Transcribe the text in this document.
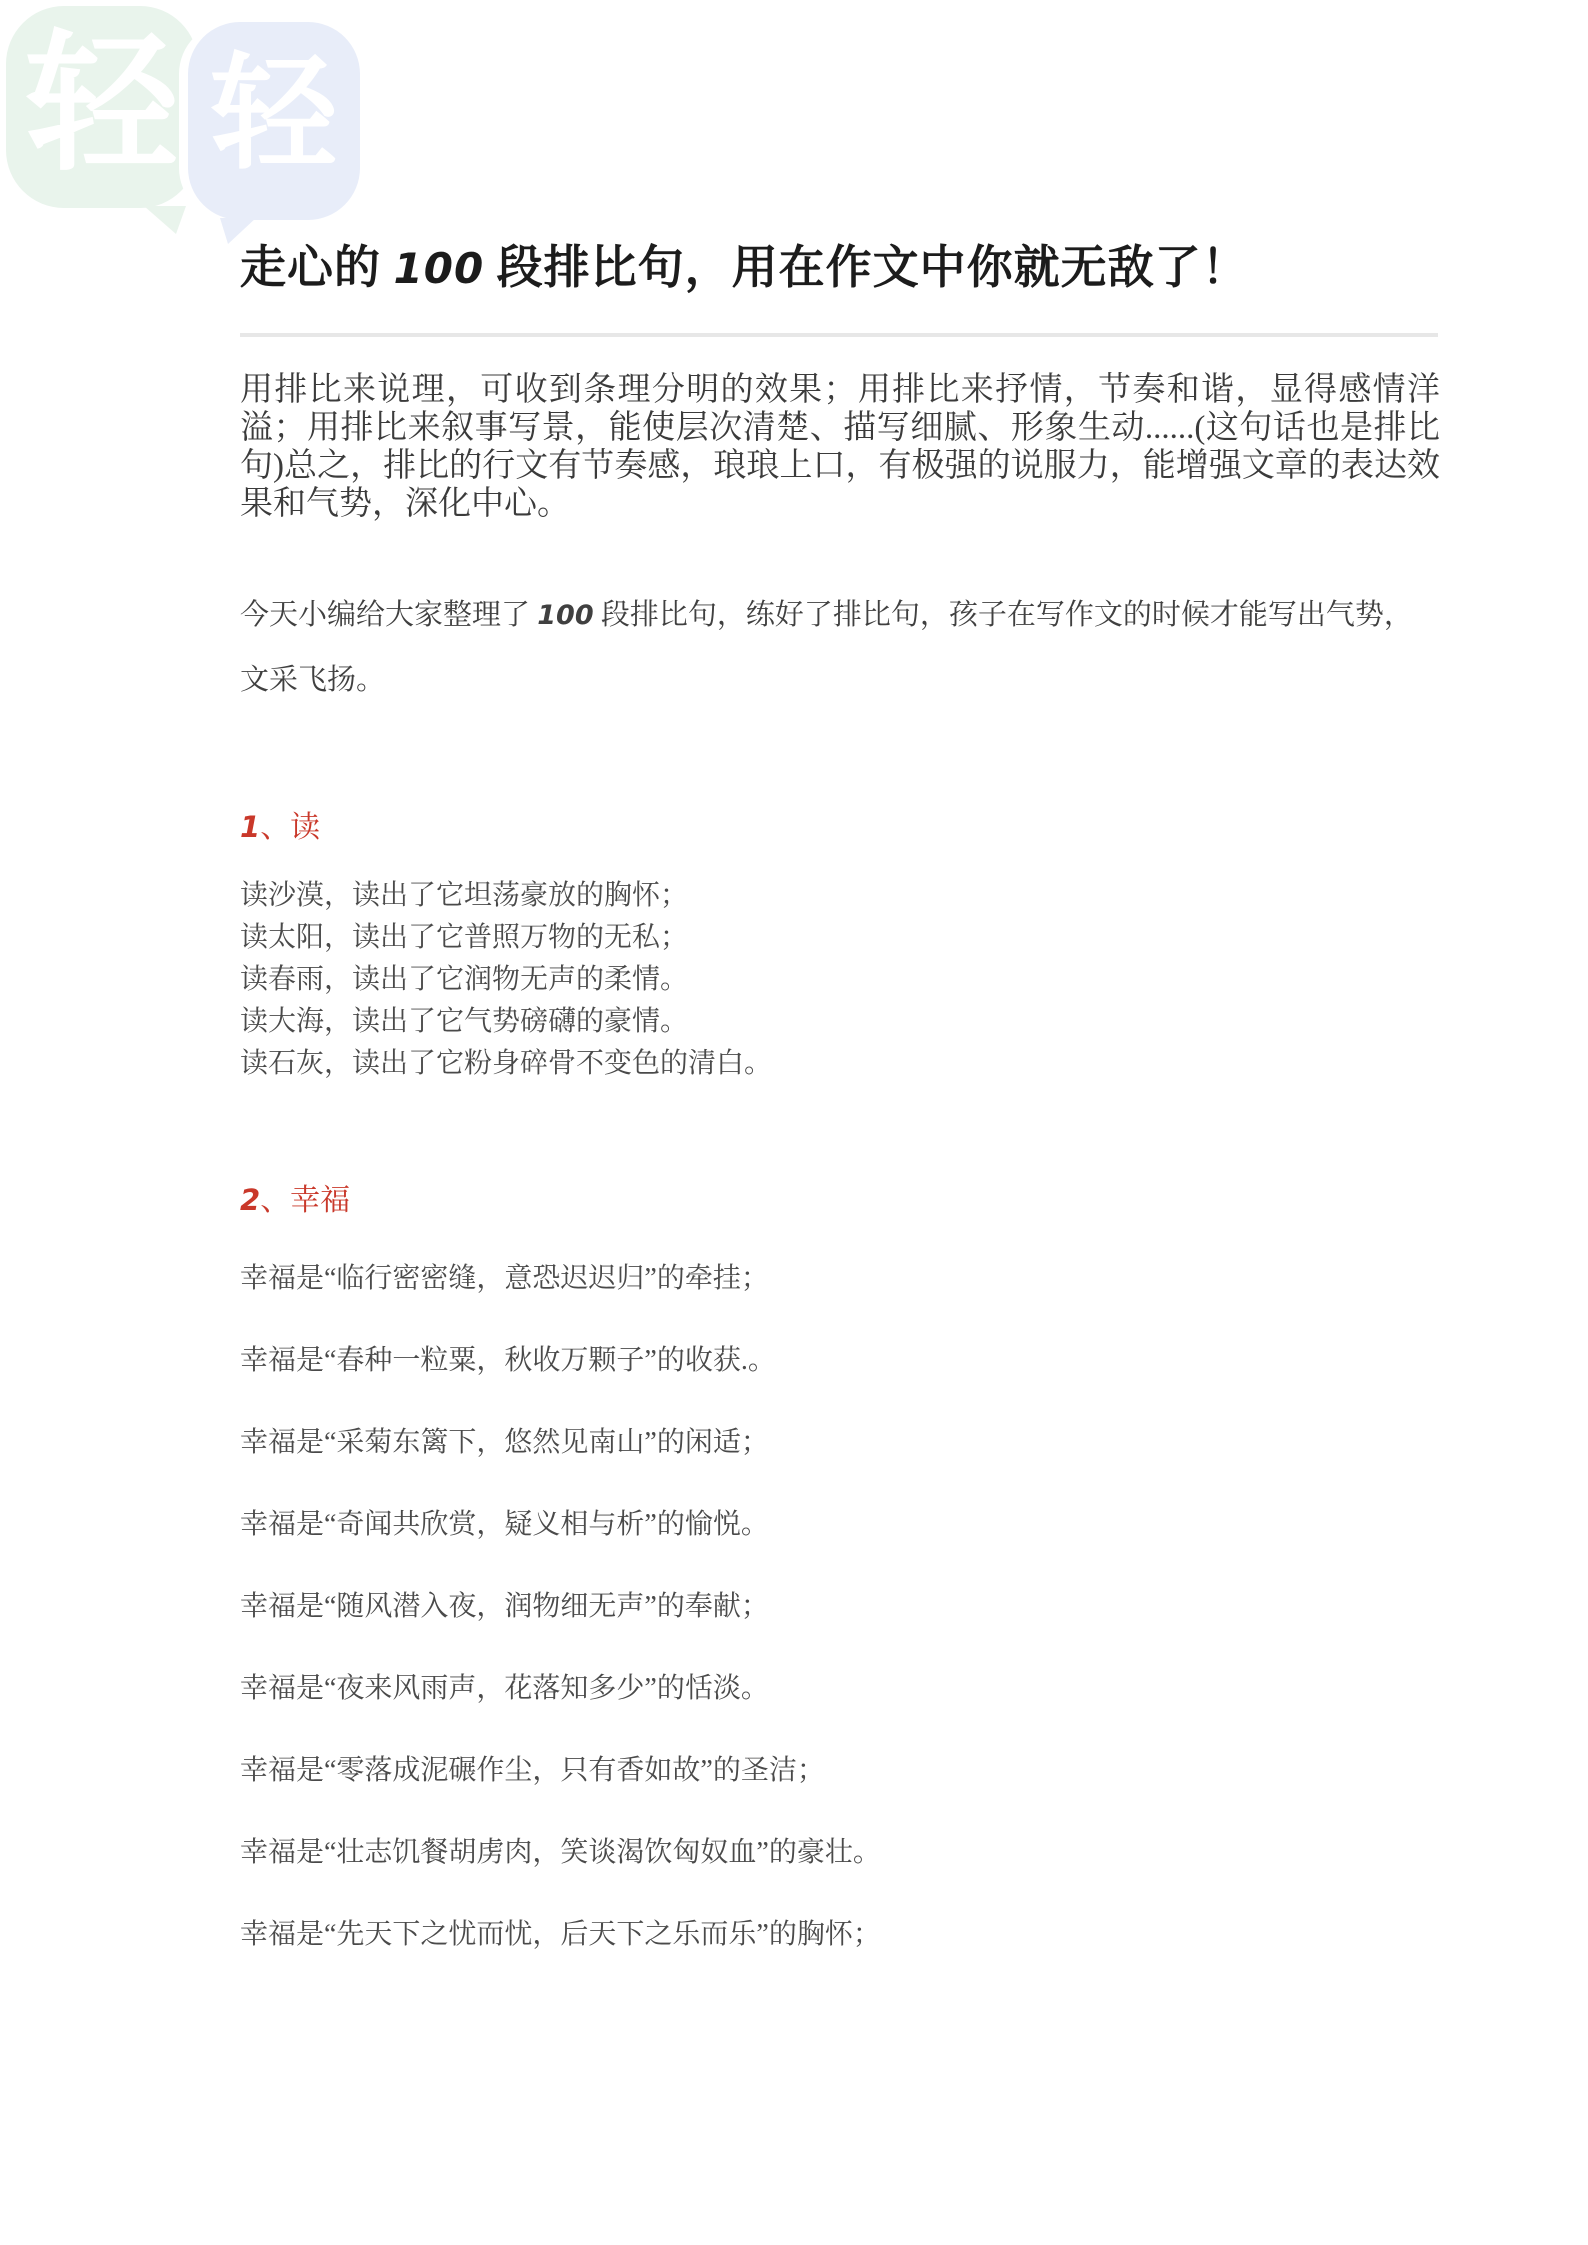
轻 轻
走心的 100 段排比句，用在作文中你就无敌了！

用排比来说理，可收到条理分明的效果；用排比来抒情，节奏和谐，显得感情洋溢；用排比来叙事写景，能使层次清楚、描写细腻、形象生动......(这句话也是排比句)总之，排比的行文有节奏感，琅琅上口，有极强的说服力，能增强文章的表达效果和气势，深化中心。

今天小编给大家整理了 100 段排比句，练好了排比句，孩子在写作文的时候才能写出气势，文采飞扬。

1、读

读沙漠，读出了它坦荡豪放的胸怀；

读太阳，读出了它普照万物的无私；

读春雨，读出了它润物无声的柔情。

读大海，读出了它气势磅礴的豪情。

读石灰，读出了它粉身碎骨不变色的清白。

2、幸福

幸福是“临行密密缝，意恐迟迟归”的牵挂；

幸福是“春种一粒粟，秋收万颗子”的收获.。

幸福是“采菊东篱下，悠然见南山”的闲适；

幸福是“奇闻共欣赏，疑义相与析”的愉悦。

幸福是“随风潜入夜，润物细无声”的奉献；

幸福是“夜来风雨声，花落知多少”的恬淡。

幸福是“零落成泥碾作尘，只有香如故”的圣洁；

幸福是“壮志饥餐胡虏肉，笑谈渴饮匈奴血”的豪壮。

幸福是“先天下之忧而忧，后天下之乐而乐”的胸怀；
